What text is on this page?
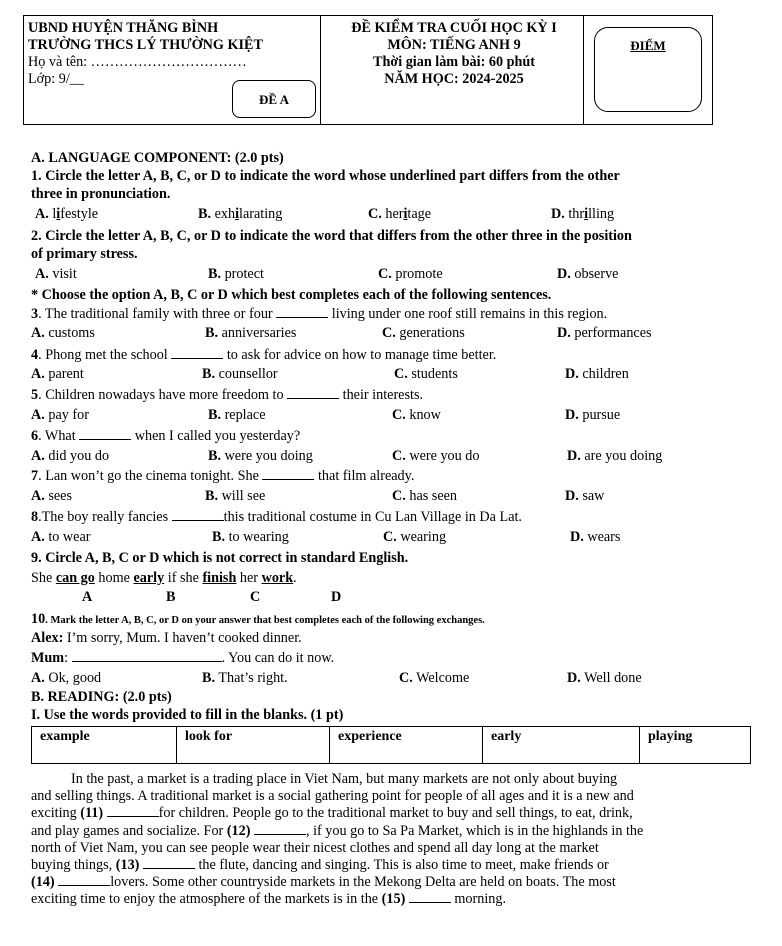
UBND HUYỆN THĂNG BÌNH
TRƯỜNG THCS LÝ THƯỜNG KIỆT
Họ và tên: ……………………………
Lớp: 9/__
ĐỀ A
ĐỀ KIỂM TRA CUỐI HỌC KỲ I
MÔN: TIẾNG ANH 9
Thời gian làm bài: 60 phút
NĂM HỌC: 2024-2025
ĐIỂM
A. LANGUAGE COMPONENT: (2.0 pts)
1. Circle the letter A, B, C, or D to indicate the word whose underlined part differs from the other
three in pronunciation.
A. lifestyle	B. exhilarating	C. heritage	D. thrilling
2. Circle the letter A, B, C, or D to indicate the word that differs from the other three in the position
of primary stress.
A. visit	B. protect	C. promote	D. observe
* Choose the option A, B, C or D which best completes each of the following sentences.
3. The traditional family with three or four	living under one roof still remains in this region.
A. customs	B. anniversaries	C. generations	D. performances
4. Phong met the school	to ask for advice on how to manage time better.
A. parent	B. counsellor	C. students	D. children
5. Children nowadays have more freedom to	their interests.
A. pay for	B. replace	C. know	D. pursue
6. What	when I called you yesterday?
A. did you do	B. were you doing	C. were you do	D. are you doing
7. Lan won’t go the cinema tonight. She	that film already.
A. sees	B. will see	C. has seen	D. saw
8.The boy really fancies	this traditional costume in Cu Lan Village in Da Lat.
A. to wear	B. to wearing	C. wearing	D. wears
9. Circle A, B, C or D which is not correct in standard English.
She can go home early if she finish her work.
A	B	C	D
10. Mark the letter A, B, C, or D on your answer that best completes each of the following exchanges.
Alex: I’m sorry, Mum. I haven’t cooked dinner.
Mum:	. You can do it now.
A. Ok, good	B. That’s right.	C. Welcome	D. Well done
B. READING: (2.0 pts)
I. Use the words provided to fill in the blanks. (1 pt)
example	look for	experience	early	playing
In the past, a market is a trading place in Viet Nam, but many markets are not only about buying
and selling things. A traditional market is a social gathering point for people of all ages and it is a new and
exciting (11)	for children. People go to the traditional market to buy and sell things, to eat, drink,
and play games and socialize. For (12)	, if you go to Sa Pa Market, which is in the highlands in the
north of Viet Nam, you can see people wear their nicest clothes and spend all day long at the market
buying things, (13)	the flute, dancing and singing. This is also time to meet, make friends or
(14)	lovers. Some other countryside markets in the Mekong Delta are held on boats. The most
exciting time to enjoy the atmosphere of the markets is in the (15)	morning.
